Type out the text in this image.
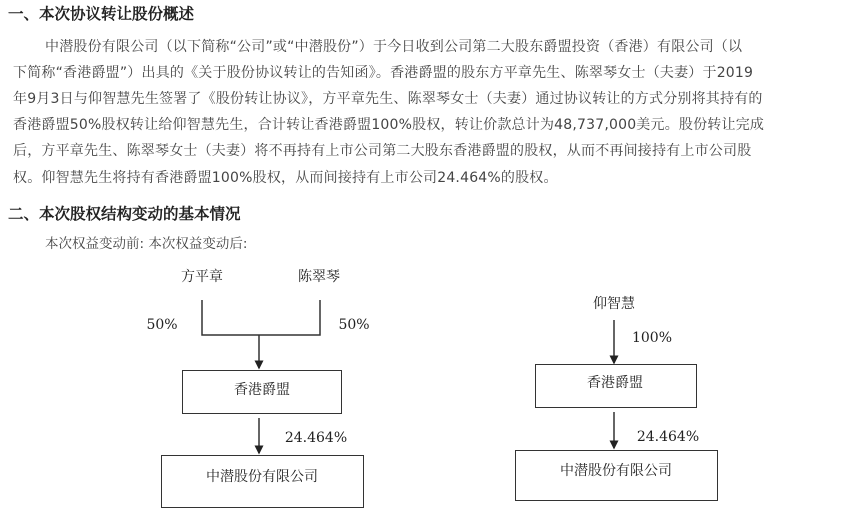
一、本次协议转让股份概述
中潜股份有限公司（以下简称“公司”或“中潜股份”）于今日收到公司第二大股东爵盟投资（香港）有限公司（以
下简称“香港爵盟”）出具的《关于股份协议转让的告知函》。香港爵盟的股东方平章先生、陈翠琴女士（夫妻）于2019
年9月3日与仰智慧先生签署了《股份转让协议》，方平章先生、陈翠琴女士（夫妻）通过协议转让的方式分别将其持有的
香港爵盟50%股权转让给仰智慧先生，合计转让香港爵盟100%股权，转让价款总计为48,737,000美元。股份转让完成
后，方平章先生、陈翠琴女士（夫妻）将不再持有上市公司第二大股东香港爵盟的股权，从而不再间接持有上市公司股
权。仰智慧先生将持有香港爵盟100%股权，从而间接持有上市公司24.464%的股权。
二、本次股权结构变动的基本情况
本次权益变动前: 本次权益变动后:
方平章	陈翠琴
50%	50%
香港爵盟
24.464%
中潜股份有限公司
仰智慧
100%
香港爵盟
24.464%
中潜股份有限公司
